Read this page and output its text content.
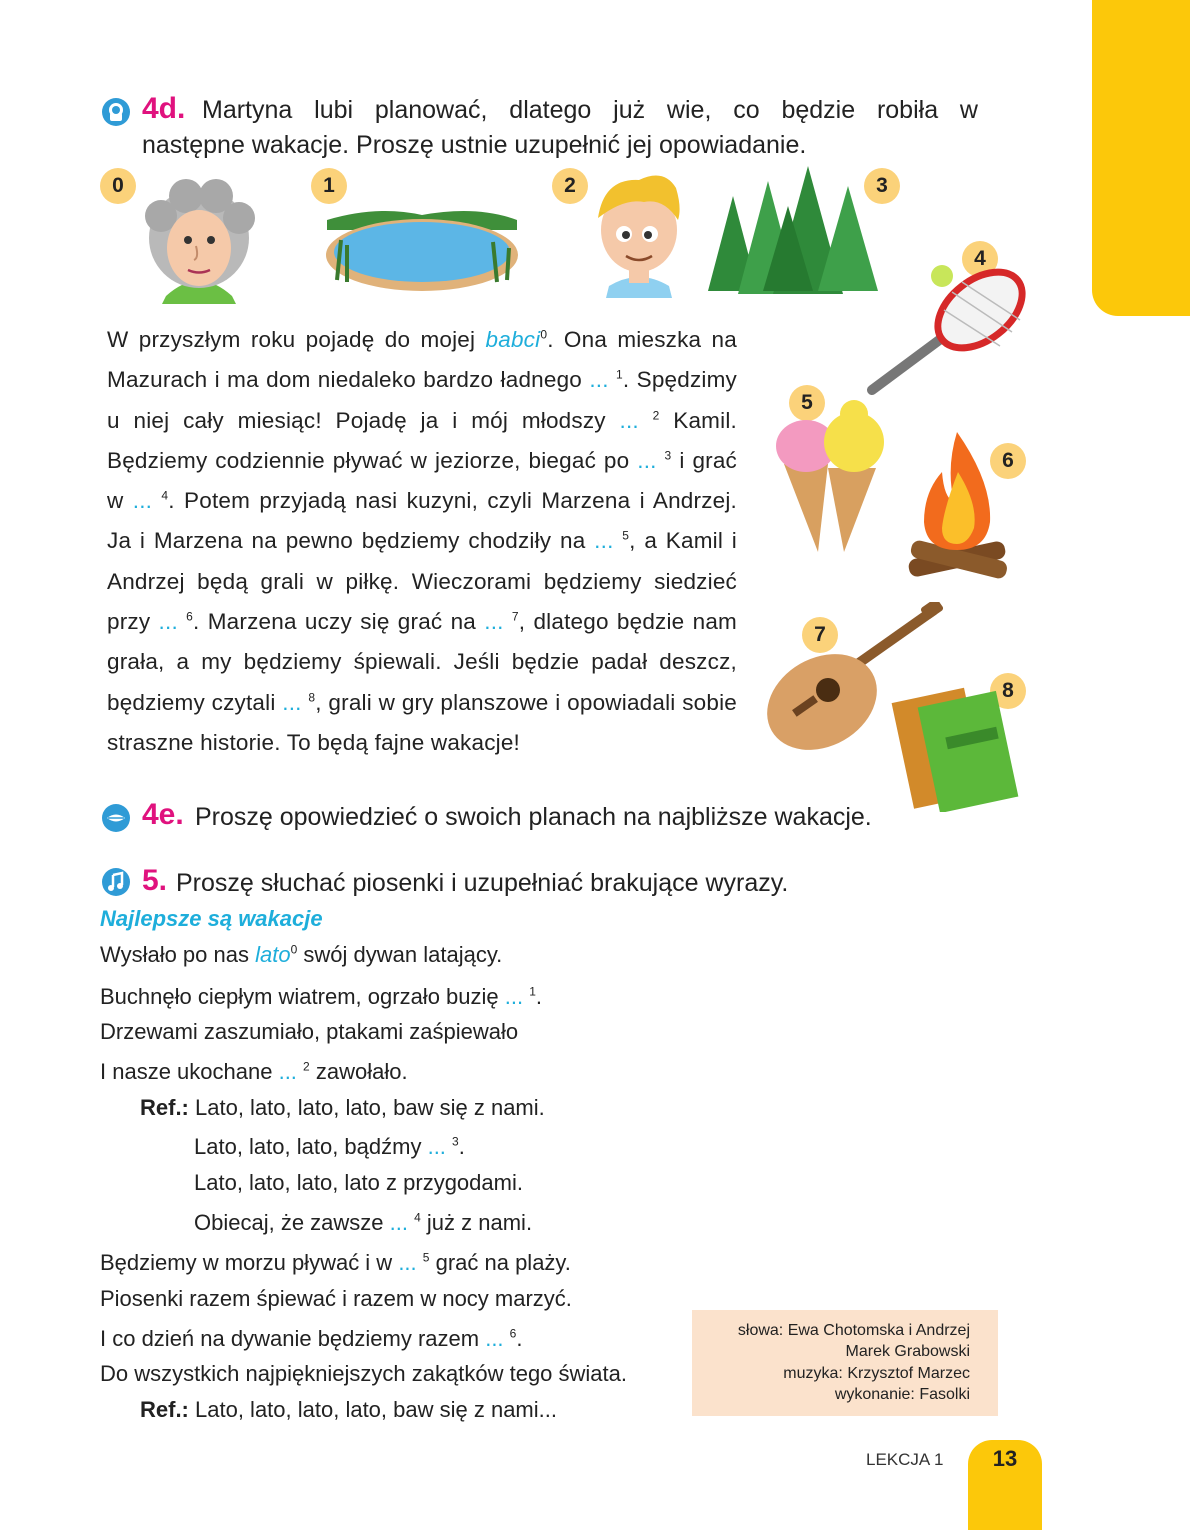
4d. Martyna lubi planować, dlatego już wie, co będzie robiła w
następne wakacje. Proszę ustnie uzupełnić jej opowiadanie.
0	1	2	3
4
5
6
7
8
W przyszłym roku pojadę do mojej babci$^0$. Ona mieszka na Mazurach i ma dom niedaleko bardzo ładnego ... $^1$. Spędzimy u niej cały miesiąc! Pojadę ja i mój młodszy ... $^2$ Kamil. Będziemy codziennie pływać w jeziorze, biegać po ... $^3$ i grać w ... $^4$. Potem przyjadą nasi kuzyni, czyli Marzena i Andrzej. Ja i Marzena na pewno będziemy chodziły na ... $^5$, a Kamil i Andrzej będą grali w piłkę. Wieczorami będziemy siedzieć przy ... $^6$. Marzena uczy się grać na ... $^7$, dlatego będzie nam grała, a my będziemy śpiewali. Jeśli będzie padał deszcz, będziemy czytali ... $^8$, grali w gry planszowe i opowiadali sobie straszne historie. To będą fajne wakacje!
4e. Proszę opowiedzieć o swoich planach na najbliższe wakacje.
5. Proszę słuchać piosenki i uzupełniać brakujące wyrazy.
Najlepsze są wakacje
Wysłało po nas lato$^0$ swój dywan latający.
Buchnęło ciepłym wiatrem, ogrzało buzię ... $^1$.
Drzewami zaszumiało, ptakami zaśpiewało
I nasze ukochane ... $^2$ zawołało.
Ref.: Lato, lato, lato, lato, baw się z nami.
Lato, lato, lato, bądźmy ... $^3$.
Lato, lato, lato, lato z przygodami.
Obiecaj, że zawsze ... $^4$ już z nami.
Będziemy w morzu pływać i w ... $^5$ grać na plaży.
Piosenki razem śpiewać i razem w nocy marzyć.
I co dzień na dywanie będziemy razem ... $^6$.
Do wszystkich najpiękniejszych zakątków tego świata.
Ref.: Lato, lato, lato, lato, baw się z nami...
słowa: Ewa Chotomska i Andrzej
Marek Grabowski
muzyka: Krzysztof Marzec
wykonanie: Fasolki
LEKCJA 1	13
